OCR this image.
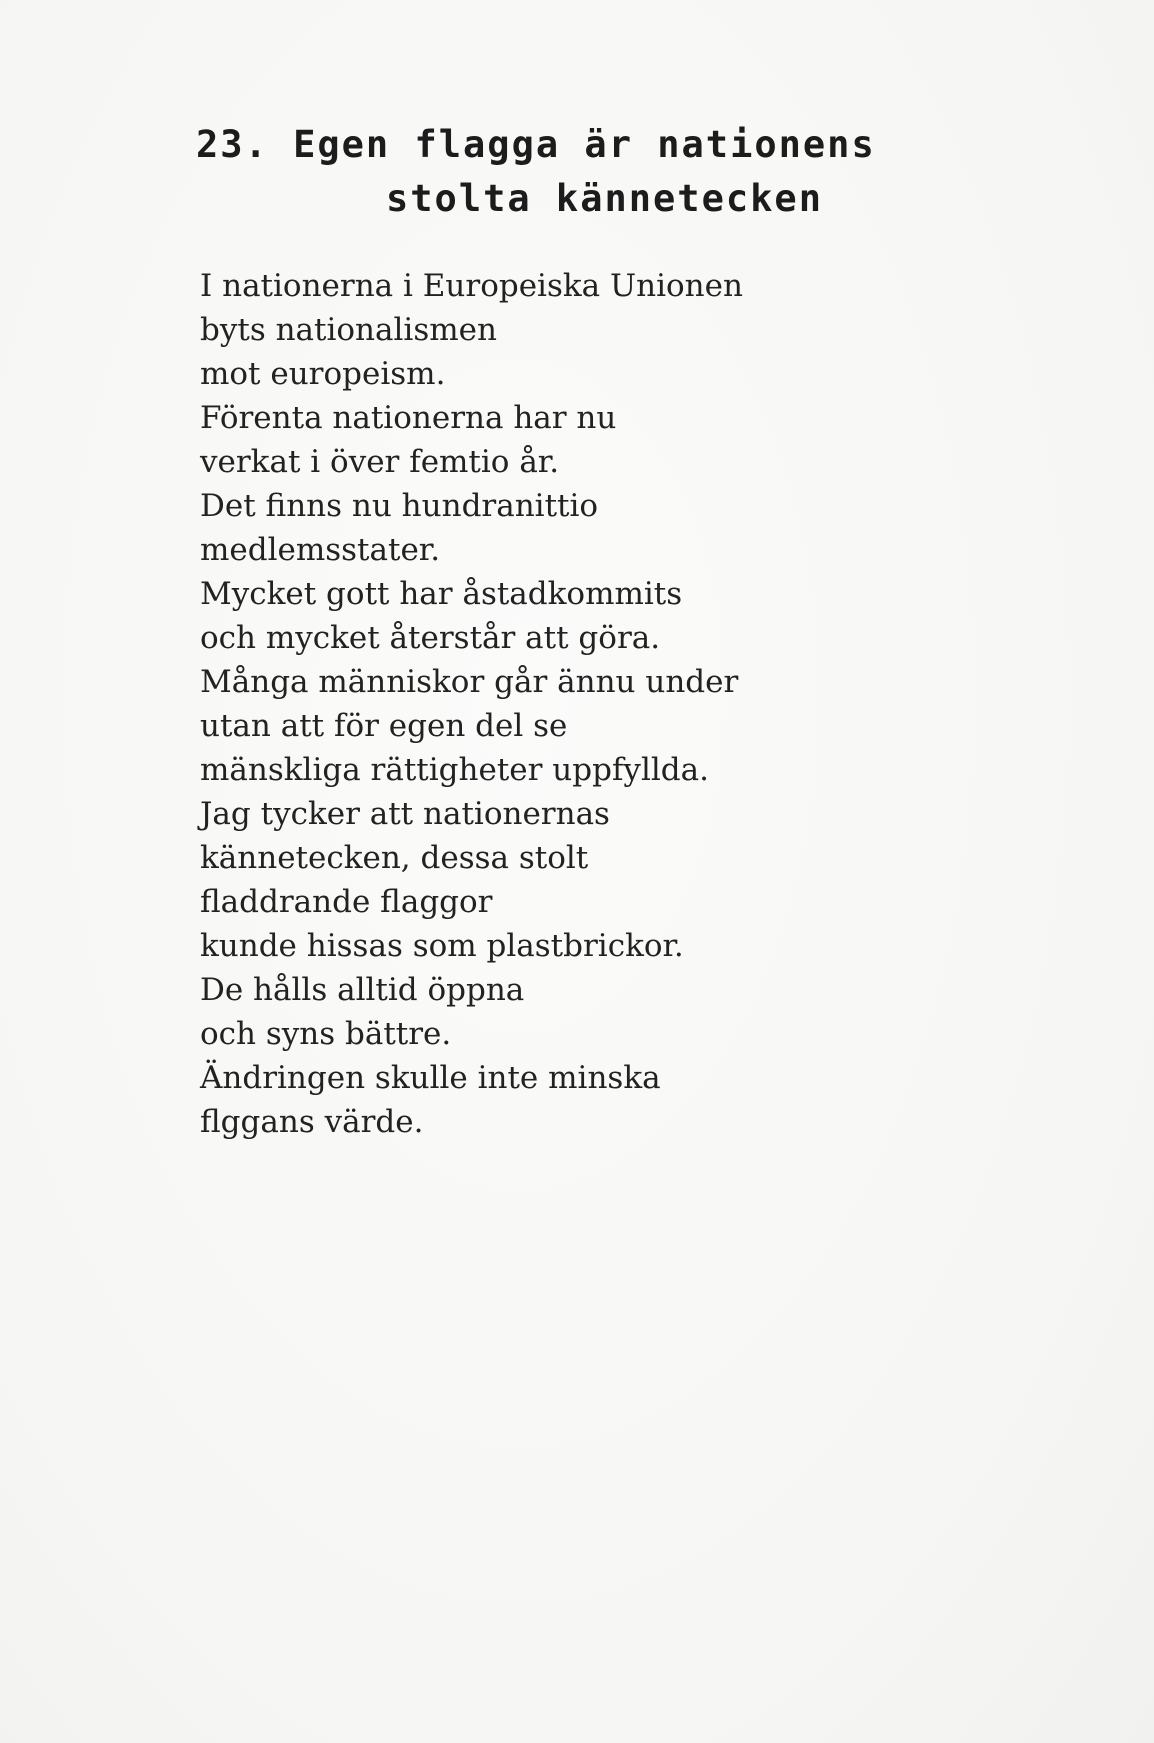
23. Egen flagga är nationens
stolta kännetecken
I nationerna i Europeiska Unionen
byts nationalismen
mot europeism.
Förenta nationerna har nu
verkat i över femtio år.
Det finns nu hundranittio
medlemsstater.
Mycket gott har åstadkommits
och mycket återstår att göra.
Många människor går ännu under
utan att för egen del se
mänskliga rättigheter uppfyllda.
Jag tycker att nationernas
kännetecken, dessa stolt
fladdrande flaggor
kunde hissas som plastbrickor.
De hålls alltid öppna
och syns bättre.
Ändringen skulle inte minska
flggans värde.
